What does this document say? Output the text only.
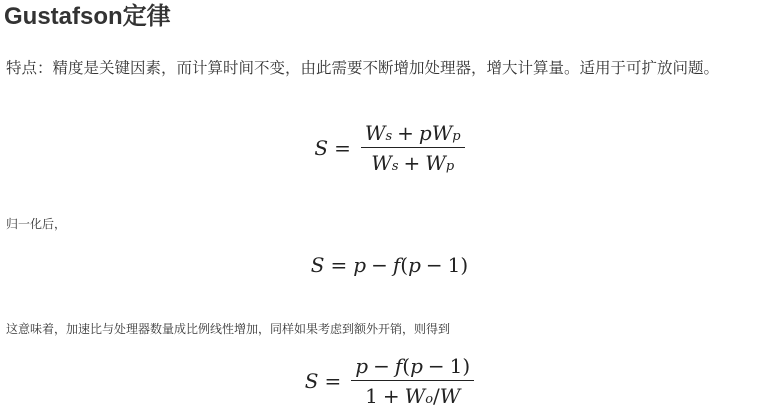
Gustafson定律

特点：精度是关键因素，而计算时间不变，由此需要不断增加处理器，增大计算量。适用于可扩放问题。

$S = \frac{\text{W s + p W p}}{\text{W s + W p}}$

归一化后，

S = p − f ( p − 1 )

这意味着，加速比与处理器数量成比例线性增加，同样如果考虑到额外开销，则得到

$S = \frac{p - f ( p - 1 )}{\text{1 + W o / W}}$
